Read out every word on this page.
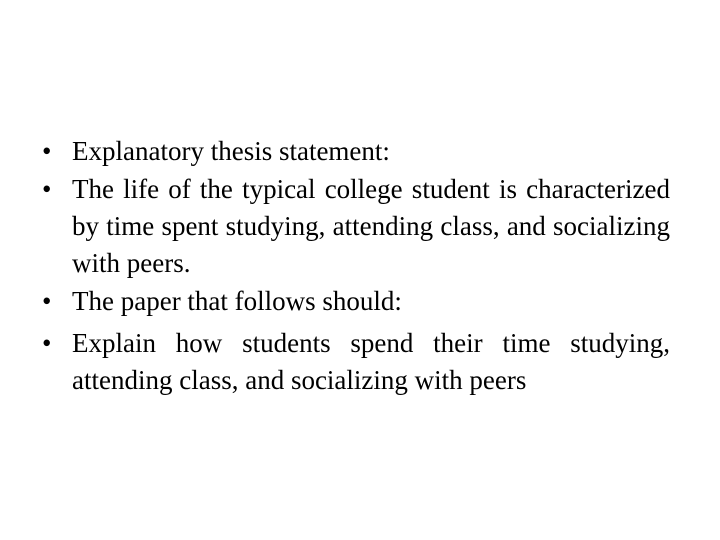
• Explanatory thesis statement:
• The life of the typical college student is characterized by time spent studying, attending class, and socializing with peers.
• The paper that follows should:
• Explain how students spend their time studying, attending class, and socializing with peers
